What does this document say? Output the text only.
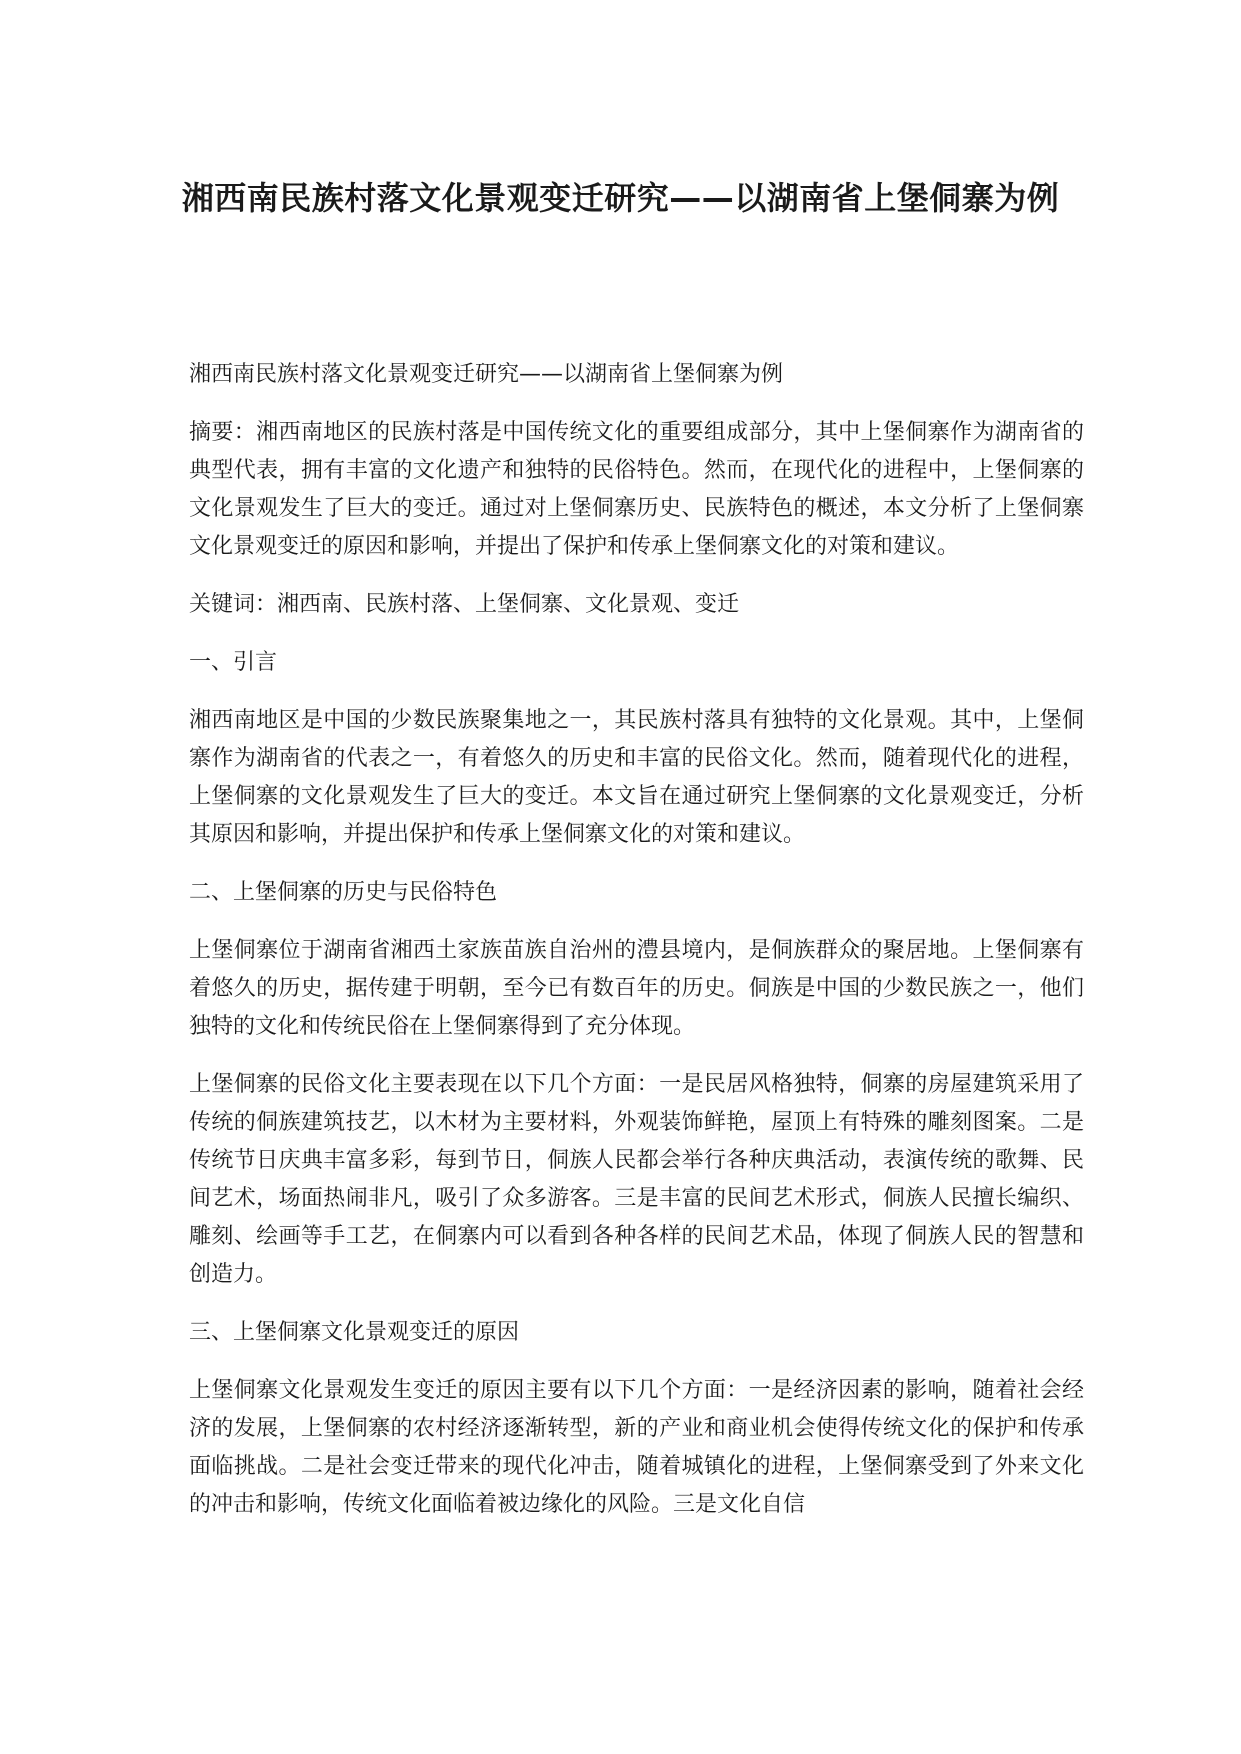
湘西南民族村落文化景观变迁研究——以湖南省上堡侗寨为例

湘西南民族村落文化景观变迁研究——以湖南省上堡侗寨为例

摘要：湘西南地区的民族村落是中国传统文化的重要组成部分，其中上堡侗寨作为湖南省的典型代表，拥有丰富的文化遗产和独特的民俗特色。然而，在现代化的进程中，上堡侗寨的文化景观发生了巨大的变迁。通过对上堡侗寨历史、民族特色的概述，本文分析了上堡侗寨文化景观变迁的原因和影响，并提出了保护和传承上堡侗寨文化的对策和建议。

关键词：湘西南、民族村落、上堡侗寨、文化景观、变迁

一、引言

湘西南地区是中国的少数民族聚集地之一，其民族村落具有独特的文化景观。其中，上堡侗寨作为湖南省的代表之一，有着悠久的历史和丰富的民俗文化。然而，随着现代化的进程，上堡侗寨的文化景观发生了巨大的变迁。本文旨在通过研究上堡侗寨的文化景观变迁，分析其原因和影响，并提出保护和传承上堡侗寨文化的对策和建议。

二、上堡侗寨的历史与民俗特色

上堡侗寨位于湖南省湘西土家族苗族自治州的澧县境内，是侗族群众的聚居地。上堡侗寨有着悠久的历史，据传建于明朝，至今已有数百年的历史。侗族是中国的少数民族之一，他们独特的文化和传统民俗在上堡侗寨得到了充分体现。

上堡侗寨的民俗文化主要表现在以下几个方面：一是民居风格独特，侗寨的房屋建筑采用了传统的侗族建筑技艺，以木材为主要材料，外观装饰鲜艳，屋顶上有特殊的雕刻图案。二是传统节日庆典丰富多彩，每到节日，侗族人民都会举行各种庆典活动，表演传统的歌舞、民间艺术，场面热闹非凡，吸引了众多游客。三是丰富的民间艺术形式，侗族人民擅长编织、雕刻、绘画等手工艺，在侗寨内可以看到各种各样的民间艺术品，体现了侗族人民的智慧和创造力。

三、上堡侗寨文化景观变迁的原因

上堡侗寨文化景观发生变迁的原因主要有以下几个方面：一是经济因素的影响，随着社会经济的发展，上堡侗寨的农村经济逐渐转型，新的产业和商业机会使得传统文化的保护和传承面临挑战。二是社会变迁带来的现代化冲击，随着城镇化的进程，上堡侗寨受到了外来文化的冲击和影响，传统文化面临着被边缘化的风险。三是文化自信
